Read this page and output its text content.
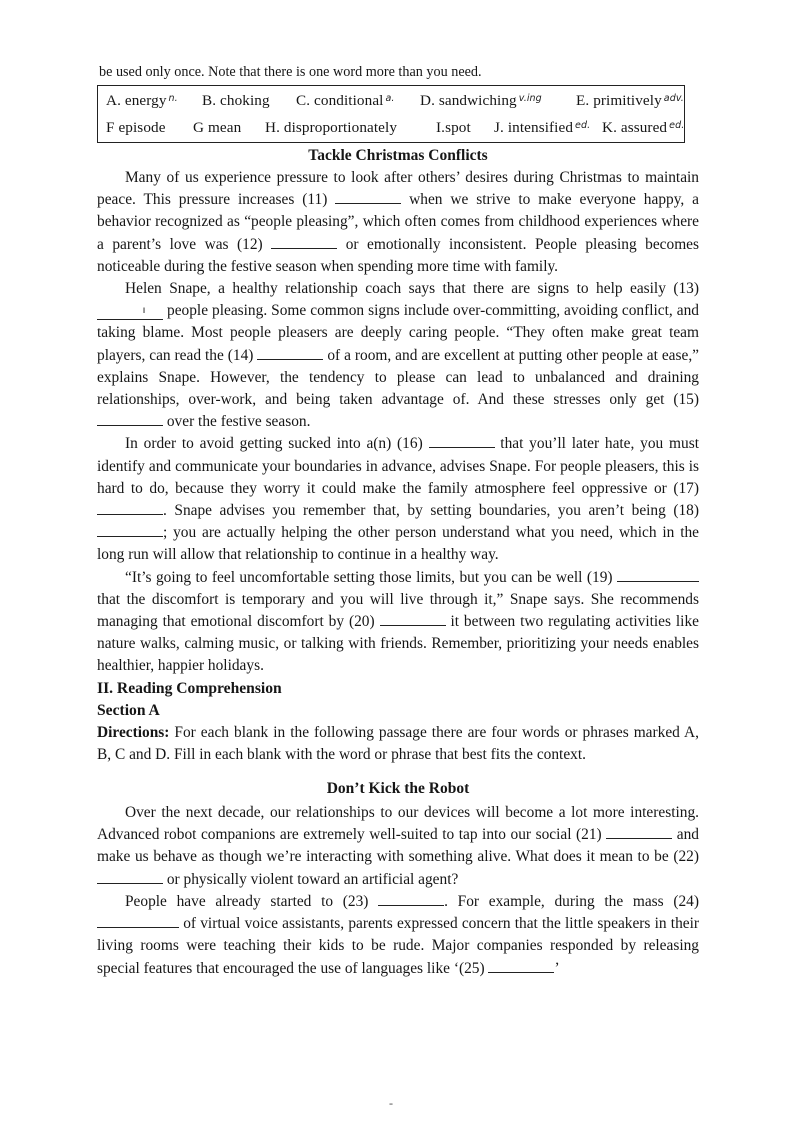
be used only once. Note that there is one word more than you need.

A. energy $^{n.}$ B. choking C. conditional $^{a.}$ D. sandwiching $^{v.ing}$ E. primitively $^{adv.}$
F episode G mean H. disproportionately	I.spot J. intensified $^{ed.}$ K. assured $^{ed.}$
Tackle Christmas Conflicts

Many of us experience pressure to look after others’ desires during Christmas to maintain peace. This pressure increases (11)	when we strive to make everyone happy, a behavior recognized as “people pleasing”, which often comes from childhood experiences where a parent’s love was (12)	or emotionally inconsistent. People pleasing becomes noticeable during the festive season when spending more time with family.

Helen Snape, a healthy relationship coach says that there are signs to help easily (13) ı people pleasing. Some common signs include over-committing, avoiding conflict, and taking blame. Most people pleasers are deeply caring people. “They often make great team players, can read the (14)	of a room, and are excellent at putting other people at ease,” explains Snape. However, the tendency to please can lead to unbalanced and draining relationships, over-work, and being taken advantage of. And these stresses only get (15)  over the festive season.

In order to avoid getting sucked into a(n) (16)	that you’ll later hate, you must identify and communicate your boundaries in advance, advises Snape. For people pleasers, this is hard to do, because they worry it could make the family atmosphere feel oppressive or (17) . Snape advises you remember that, by setting boundaries, you aren’t being (18) ; you are actually helping the other person understand what you need, which in the long run will allow that relationship to continue in a healthy way.

“It’s going to feel uncomfortable setting those limits, but you can be well (19)  that the discomfort is temporary and you will live through it,” Snape says. She recommends managing that emotional discomfort by (20)	it between two regulating activities like nature walks, calming music, or talking with friends. Remember, prioritizing your needs enables healthier, happier holidays.

II. Reading Comprehension

Section A

Directions: For each blank in the following passage there are four words or phrases marked A, B, C and D. Fill in each blank with the word or phrase that best fits the context.

Don’t Kick the Robot

Over the next decade, our relationships to our devices will become a lot more interesting. Advanced robot companions are extremely well-suited to tap into our social (21)	and make us behave as though we’re interacting with something alive. What does it mean to be (22)  or physically violent toward an artificial agent?

People have already started to (23)	. For example, during the mass (24)  of virtual voice assistants, parents expressed concern that the little speakers in their living rooms were teaching their kids to be rude. Major companies responded by releasing special features that encouraged the use of languages like ‘(25)	’

-
